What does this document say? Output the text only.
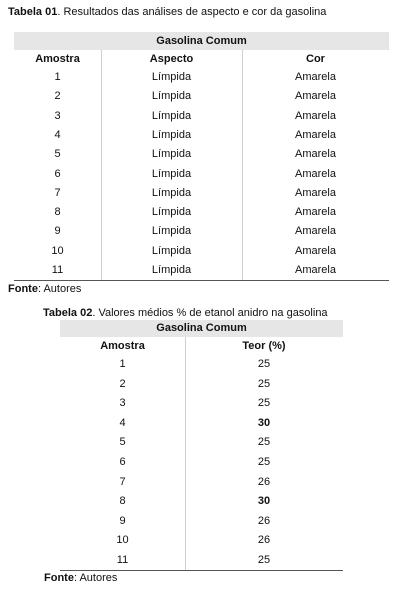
Tabela 01. Resultados das análises de aspecto e cor da gasolina
Gasolina Comum
Amostra	Aspecto	Cor
1	Límpida	Amarela
2	Límpida	Amarela
3	Límpida	Amarela
4	Límpida	Amarela
5	Límpida	Amarela
6	Límpida	Amarela
7	Límpida	Amarela
8	Límpida	Amarela
9	Límpida	Amarela
10	Límpida	Amarela
11	Límpida	Amarela
Fonte: Autores
Tabela 02. Valores médios % de etanol anidro na gasolina
Gasolina Comum
Amostra	Teor (%)
1	25
2	25
3	25
4	30
5	25
6	25
7	26
8	30
9	26
10	26
11	25
Fonte: Autores
